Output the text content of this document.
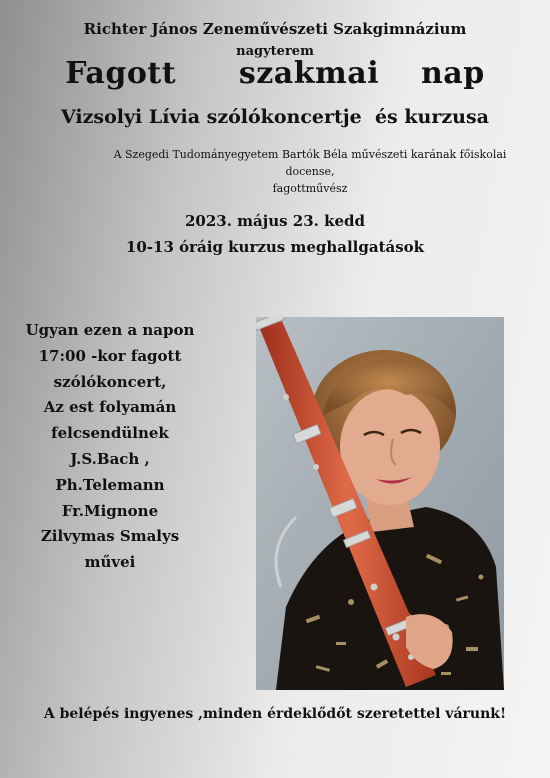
Richter János Zeneművészeti Szakgimnázium
nagyterem
Fagott   szakmai  nap
Vizsolyi Lívia szólókoncertje  és kurzusa
A Szegedi Tudományegyetem Bartók Béla művészeti karának főiskolai docense,
fagottművész
2023. május 23. kedd
10-13 óráig kurzus meghallgatások
Ugyan ezen a napon
17:00 -kor fagott
szólókoncert,
Az est folyamán
felcsendülnek
J.S.Bach ,
Ph.Telemann
Fr.Mignone
Zilvymas Smalys
művei
A belépés ingyenes ,minden érdeklődőt szeretettel várunk!
